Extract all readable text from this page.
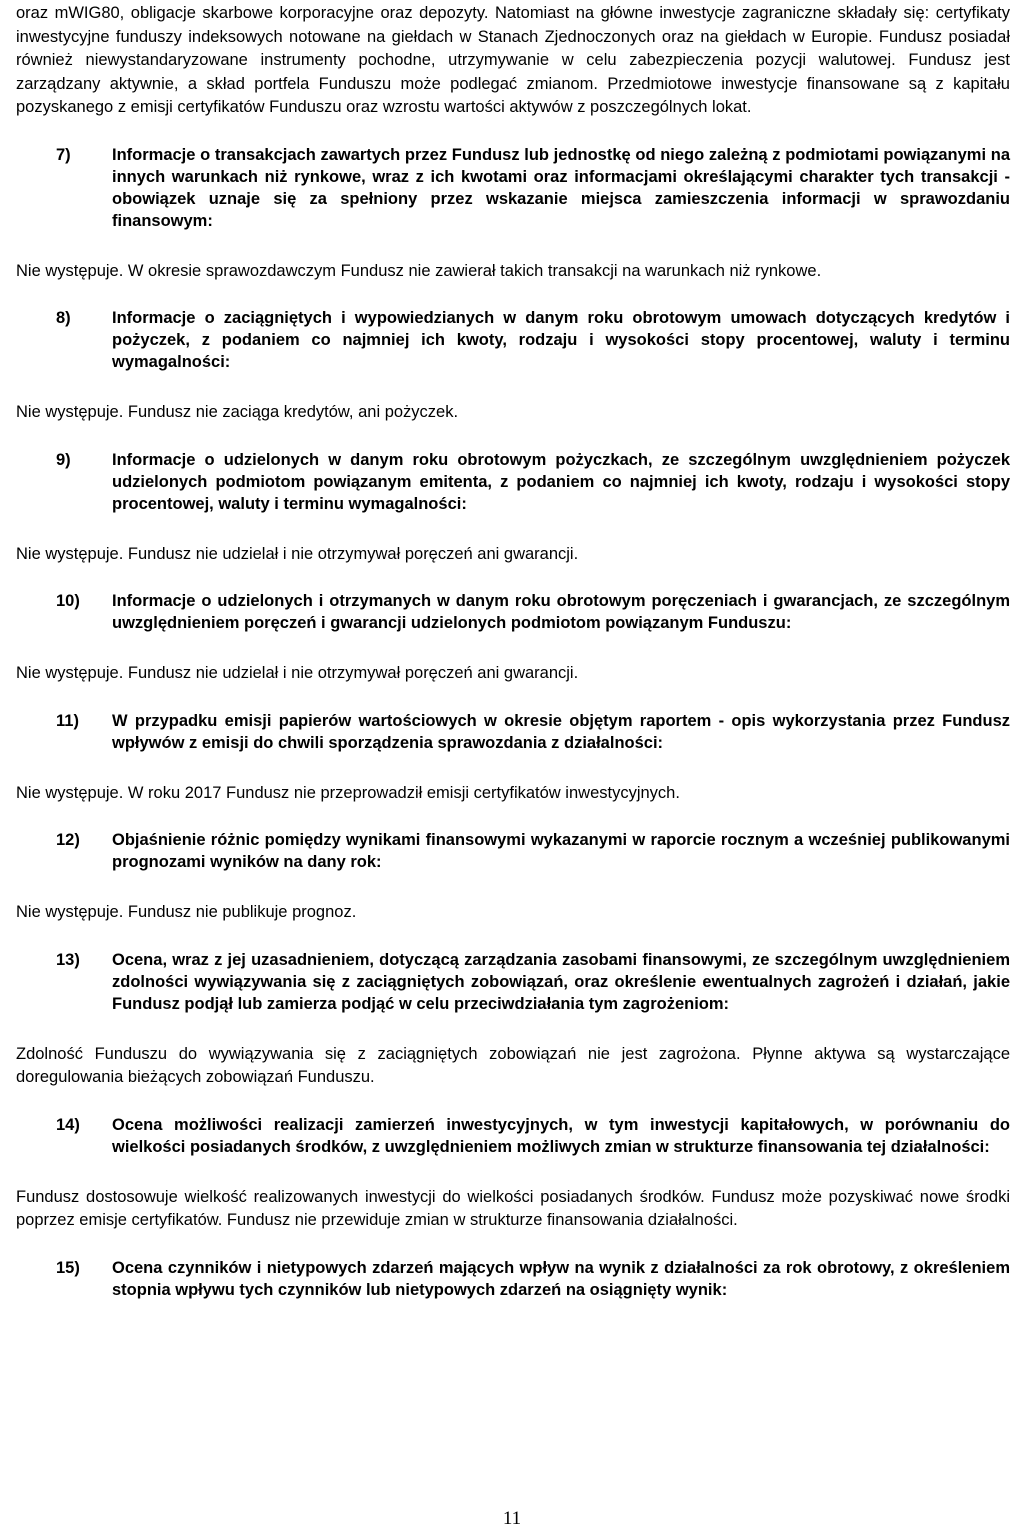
oraz mWIG80, obligacje skarbowe korporacyjne oraz depozyty. Natomiast na główne inwestycje zagraniczne składały się: certyfikaty inwestycyjne funduszy indeksowych notowane na giełdach w Stanach Zjednoczonych oraz na giełdach w Europie. Fundusz posiadał również niewystandaryzowane instrumenty pochodne, utrzymywanie w celu zabezpieczenia pozycji walutowej. Fundusz jest zarządzany aktywnie, a skład portfela Funduszu może podlegać zmianom. Przedmiotowe inwestycje finansowane są z kapitału pozyskanego z emisji certyfikatów Funduszu oraz wzrostu wartości aktywów z poszczególnych lokat.

7)	Informacje o transakcjach zawartych przez Fundusz lub jednostkę od niego zależną z podmiotami powiązanymi na innych warunkach niż rynkowe, wraz z ich kwotami oraz informacjami określającymi charakter tych transakcji - obowiązek uznaje się za spełniony przez wskazanie miejsca zamieszczenia informacji w sprawozdaniu finansowym:

Nie występuje. W okresie sprawozdawczym Fundusz nie zawierał takich transakcji na warunkach niż rynkowe.

8)	Informacje o zaciągniętych i wypowiedzianych w danym roku obrotowym umowach dotyczących kredytów i pożyczek, z podaniem co najmniej ich kwoty, rodzaju i wysokości stopy procentowej, waluty i terminu wymagalności:

Nie występuje. Fundusz nie zaciąga kredytów, ani pożyczek.

9)	Informacje o udzielonych w danym roku obrotowym pożyczkach, ze szczególnym uwzględnieniem pożyczek udzielonych podmiotom powiązanym emitenta, z podaniem co najmniej ich kwoty, rodzaju i wysokości stopy procentowej, waluty i terminu wymagalności:

Nie występuje. Fundusz nie udzielał i nie otrzymywał poręczeń ani gwarancji.

10)	Informacje o udzielonych i otrzymanych w danym roku obrotowym poręczeniach i gwarancjach, ze szczególnym uwzględnieniem poręczeń i gwarancji udzielonych podmiotom powiązanym Funduszu:

Nie występuje. Fundusz nie udzielał i nie otrzymywał poręczeń ani gwarancji.

11)	W przypadku emisji papierów wartościowych w okresie objętym raportem - opis wykorzystania przez Fundusz wpływów z emisji do chwili sporządzenia sprawozdania z działalności:

Nie występuje. W roku 2017 Fundusz nie przeprowadził emisji certyfikatów inwestycyjnych.

12)	Objaśnienie różnic pomiędzy wynikami finansowymi wykazanymi w raporcie rocznym a wcześniej publikowanymi prognozami wyników na dany rok:

Nie występuje. Fundusz nie publikuje prognoz.

13)	Ocena, wraz z jej uzasadnieniem, dotyczącą zarządzania zasobami finansowymi, ze szczególnym uwzględnieniem zdolności wywiązywania się z zaciągniętych zobowiązań, oraz określenie ewentualnych zagrożeń i działań, jakie Fundusz podjął lub zamierza podjąć w celu przeciwdziałania tym zagrożeniom:

Zdolność Funduszu do wywiązywania się z zaciągniętych zobowiązań nie jest zagrożona. Płynne aktywa są wystarczające doregulowania bieżących zobowiązań Funduszu.

14)	Ocena możliwości realizacji zamierzeń inwestycyjnych, w tym inwestycji kapitałowych, w porównaniu do wielkości posiadanych środków, z uwzględnieniem możliwych zmian w strukturze finansowania tej działalności:

Fundusz dostosowuje wielkość realizowanych inwestycji do wielkości posiadanych środków. Fundusz może pozyskiwać nowe środki poprzez emisje certyfikatów. Fundusz nie przewiduje zmian w strukturze finansowania działalności.

15)	Ocena czynników i nietypowych zdarzeń mających wpływ na wynik z działalności za rok obrotowy, z określeniem stopnia wpływu tych czynników lub nietypowych zdarzeń na osiągnięty wynik:
11
